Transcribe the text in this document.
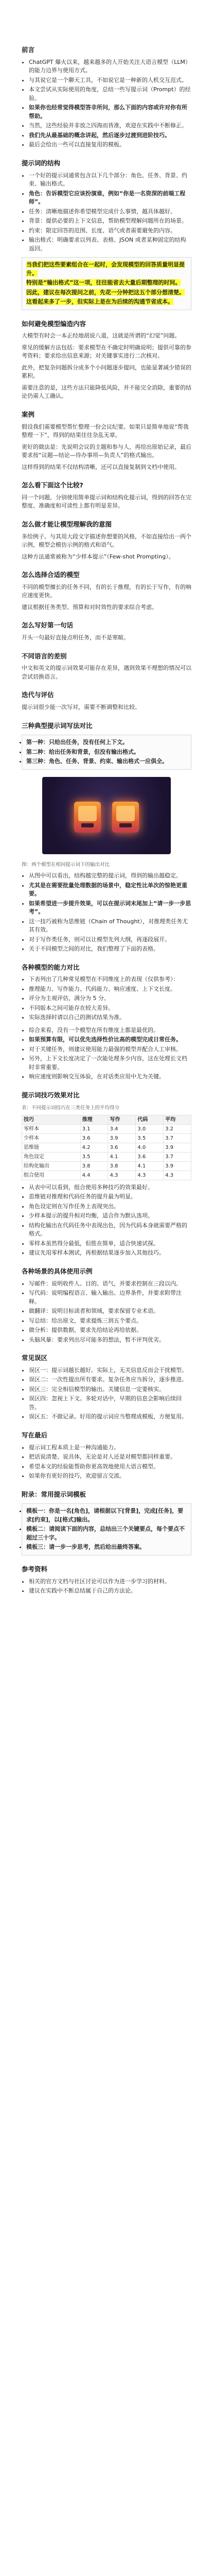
前言
• ChatGPT 爆火以来，越来越多的人开始关注大语言模型（LLM）的能力边界与使用方式。
• 与其说它是一个聊天工具，不如说它是一种新的人机交互范式。
• 本文尝试从实际使用的角度，总结一些写提示词（Prompt）的经验。
• 如果你也经常觉得模型答非所问，那么下面的内容或许对你有所帮助。
• 当然，这些经验并非放之四海而皆准，欢迎在实践中不断修正。
• 我们先从最基础的概念讲起，然后逐步过渡到进阶技巧。
• 最后会给出一些可以直接复用的模板。
提示词的结构
• 一个好的提示词通常包含以下几个部分：角色、任务、背景、约束、输出格式。
• 角色：告诉模型它应该扮演谁，例如“你是一名资深的前端工程师”。
• 任务：清晰地描述你希望模型完成什么事情，越具体越好。
• 背景：提供必要的上下文信息，帮助模型理解问题所在的场景。
• 约束：限定回答的范围、长度、语气或者需要避免的内容。
• 输出格式：明确要求以列表、表格、JSON 或者某种固定的结构返回。

当我们把这些要素组合在一起时，会发现模型的回答质量明显提升。

特别是“输出格式”这一项，往往能省去大量后期整理的时间。

因此，建议在每次提问之前，先花一分钟把这五个部分想清楚。

这看起来多了一步，但实际上是在为后续的沟通节省成本。

如何避免模型编造内容

大模型有时会一本正经地胡说八道，这就是所谓的“幻觉”问题。

常见的缓解方法包括：要求模型在不确定时明确说明；提供可靠的参考资料；要求给出信息来源；对关键事实进行二次核对。

此外，把复杂问题拆分成多个小问题逐步提问，也能显著减少错误的累积。

需要注意的是，这些方法只能降低风险，并不能完全消除，重要的结论仍需人工确认。

案例

假设我们需要模型帮忙整理一份会议纪要。如果只是简单地说“帮我整理一下”，得到的结果往往杂乱无章。

更好的做法是：先说明会议的主题和参与人，再给出原始记录，最后要求按“议题—结论—待办事项—负责人”的格式输出。

这样得到的结果不仅结构清晰，还可以直接复制到文档中使用。

怎么看下面这个比较?

同一个问题，分别使用简单提示词和结构化提示词，得到的回答在完整度、准确度和可读性上都有明显差异。

怎么做才能让模型理解我的意图

多给例子。与其用大段文字描述你想要的风格，不如直接给出一两个示例，模型会模仿示例的格式和语气。

这种方法通常被称为“少样本提示”（Few-shot Prompting）。

怎么选择合适的模型

不同的模型擅长的任务不同，有的长于推理，有的长于写作，有的响应速度更快。

建议根据任务类型、预算和对时效性的要求综合考虑。

怎么写好第一句话

开头一句最好直接点明任务，而不是寒暄。

不同语言的差别

中文和英文的提示词效果可能存在差异，遇到效果不理想的情况可以尝试切换语言。

迭代与评估

提示词很少能一次写对，需要不断调整和比较。

三种典型提示词写法对比
• 第一种：只给出任务，没有任何上下文。
• 第二种：给出任务和背景，但没有输出格式。
• 第三种：角色、任务、背景、约束、输出格式一应俱全。

图：两个模型在相同提示词下的输出对比

• 从图中可以看出，结构越完整的提示词，得到的输出越稳定。
• 尤其是在需要批量处理数据的场景中，稳定性比单次的惊艳更重要。
• 如果希望进一步提升效果，可以在提示词末尾加上“请一步一步思考”。
• 这一技巧被称为思维链（Chain of Thought），对推理类任务尤其有效。
• 对于写作类任务，则可以让模型先列大纲，再逐段展开。
• 关于不同模型之间的对比，我们整理了下面的表格。
各种模型的能力对比
• 下表列出了几种常见模型在不同维度上的表现（仅供参考）：
• 推理能力、写作能力、代码能力、响应速度、上下文长度。
• 评分为主观评估，满分为 5 分。
• 不同版本之间可能存在较大差异。
• 实际选择时请以自己的测试结果为准。
• 综合来看，没有一个模型在所有维度上都是最优的。
• 如果预算有限，可以优先选择性价比高的模型完成日常任务。
• 对于关键任务，则建议使用能力最强的模型并配合人工审核。
• 另外，上下文长度决定了一次能处理多少内容，这在处理长文档时非常重要。
• 响应速度则影响交互体验，在对话类应用中尤为关键。
提示词技巧效果对比

表：不同提示词技巧在三类任务上的平均得分

技巧	推理	写作	代码	平均
零样本	3.1	3.4	3.0	3.2
少样本	3.6	3.9	3.5	3.7
思维链	4.2	3.6	4.0	3.9
角色设定	3.5	4.1	3.6	3.7
结构化输出	3.8	3.8	4.1	3.9
组合使用	4.4	4.3	4.3	4.3
• 从表中可以看到，组合使用多种技巧的效果最好。
• 思维链对推理和代码任务的提升最为明显。
• 角色设定则在写作任务上表现突出。
• 少样本提示的提升相对均衡，适合作为默认选项。
• 结构化输出在代码任务中表现出色，因为代码本身就需要严格的格式。
• 零样本虽然得分最低，但胜在简单，适合快速试探。
• 建议先用零样本测试，再根据结果逐步加入其他技巧。
各种场景的具体使用示例
• 写邮件：说明收件人、目的、语气，并要求控制在三段以内。
• 写代码：说明编程语言、输入输出、边界条件，并要求附带注释。
• 做翻译：说明目标读者和领域，要求保留专业术语。
• 写总结：给出原文，要求提炼三到五个要点。
• 做分析：提供数据，要求先给结论再给依据。
• 头脑风暴：要求列出尽可能多的想法，暂不评判优劣。
常见误区
• 误区一：提示词越长越好。实际上，无关信息反而会干扰模型。
• 误区二：一次性提出所有要求。复杂任务应当拆分，逐步推进。
• 误区三：完全相信模型的输出。关键信息一定要核实。
• 误区四：忽视上下文。多轮对话中，早期的信息会影响后续回答。
• 误区五：不做记录。好用的提示词应当整理成模板，方便复用。
写在最后
• 提示词工程本质上是一种沟通能力。
• 把话说清楚、说具体，无论是对人还是对模型都同样重要。
• 希望本文的经验能帮助你更高效地使用大语言模型。
• 如果你有更好的技巧，欢迎留言交流。
附录：常用提示词模板
• 模板一：你是一名[角色]，请根据以下[背景]，完成[任务]，要求[约束]，以[格式]输出。
• 模板二：请阅读下面的内容，总结出三个关键要点，每个要点不超过三十字。
• 模板三：请一步一步思考，然后给出最终答案。
参考资料
• 相关的官方文档与社区讨论可以作为进一步学习的材料。
• 建议在实践中不断总结属于自己的方法论。
